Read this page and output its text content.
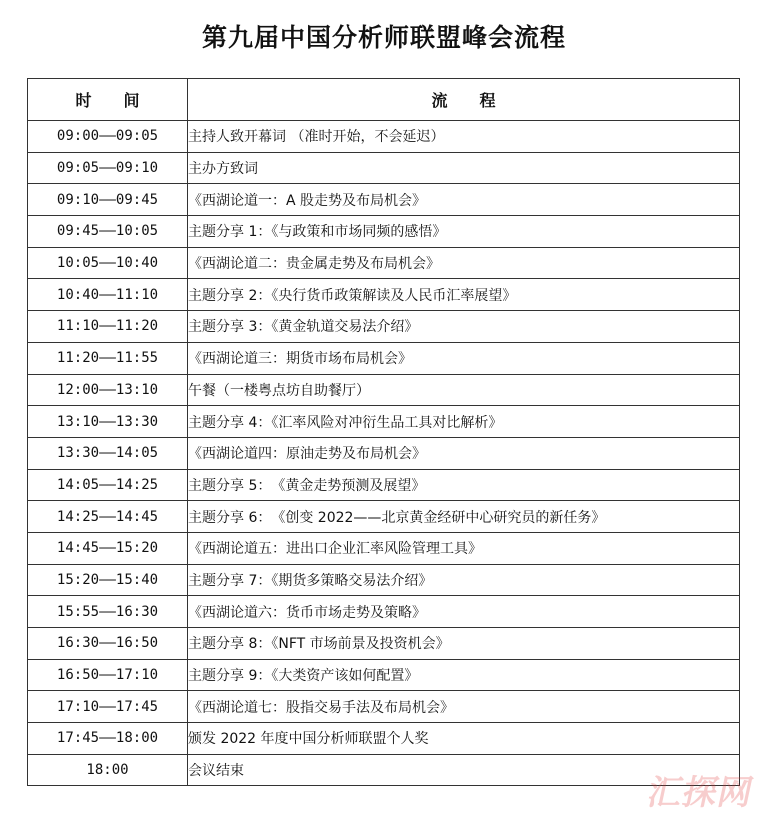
第九届中国分析师联盟峰会流程
时　　间	流　　程
09:00——09:05	主持人致开幕词 （准时开始，不会延迟）
09:05——09:10	主办方致词
09:10——09:45	《西湖论道一：A 股走势及布局机会》
09:45——10:05	主题分享 1：《与政策和市场同频的感悟》
10:05——10:40	《西湖论道二：贵金属走势及布局机会》
10:40——11:10	主题分享 2：《央行货币政策解读及人民币汇率展望》
11:10——11:20	主题分享 3：《黄金轨道交易法介绍》
11:20——11:55	《西湖论道三：期货市场布局机会》
12:00——13:10	午餐（一楼粤点坊自助餐厅）
13:10——13:30	主题分享 4：《汇率风险对冲衍生品工具对比解析》
13:30——14:05	《西湖论道四：原油走势及布局机会》
14:05——14:25	主题分享 5：　《黄金走势预测及展望》
14:25——14:45	主题分享 6：　《创变 2022——北京黄金经研中心研究员的新任务》
14:45——15:20	《西湖论道五：进出口企业汇率风险管理工具》
15:20——15:40	主题分享 7：《期货多策略交易法介绍》
15:55——16:30	《西湖论道六：货币市场走势及策略》
16:30——16:50	主题分享 8：《NFT 市场前景及投资机会》
16:50——17:10	主题分享 9：《大类资产该如何配置》
17:10——17:45	《西湖论道七：股指交易手法及布局机会》
17:45——18:00	颁发 2022 年度中国分析师联盟个人奖
18:00	会议结束
汇探网
